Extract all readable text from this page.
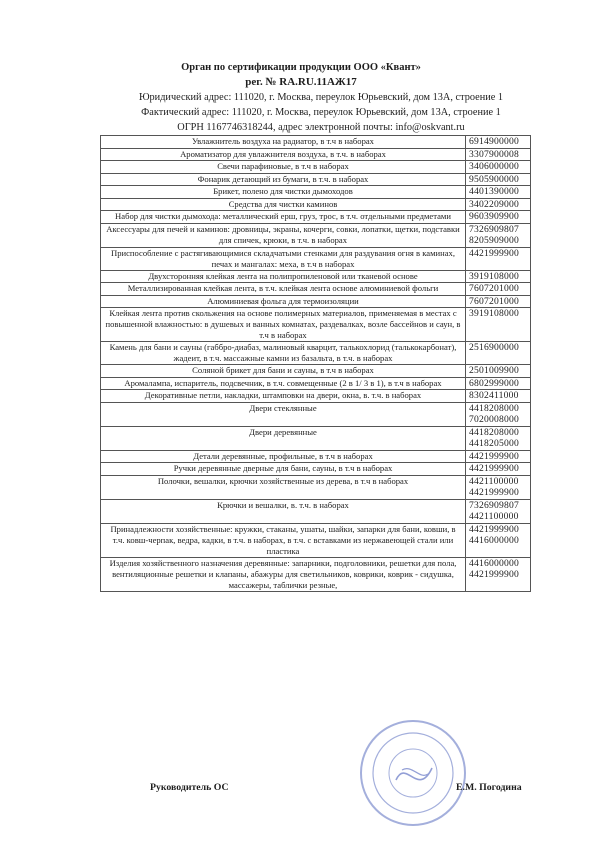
Орган по сертификации продукции ООО «Квант»
рег. № RA.RU.11АЖ17
Юридический адрес: 111020, г. Москва, переулок Юрьевский, дом 13А, строение 1
Фактический адрес: 111020, г. Москва, переулок Юрьевский, дом 13А, строение 1
ОГРН 1167746318244, адрес электронной почты: info@oskvant.ru
Увлажнитель воздуха на радиатор, в т.ч в наборах	6914900000

Ароматизатор для увлажнителя воздуха, в т.ч. в наборах	3307900008

Свечи парафиновые, в т.ч в наборах	3406000000

Фонарик детающий из бумаги, в т.ч. в наборах	9505900000

Брикет, полено для чистки дымоходов	4401390000

Средства для чистки каминов	3402209000

Набор для чистки дымохода: металлический ерш, груз, трос, в т.ч. отдельными предметами	9603909900

Аксессуары для печей и каминов: дровницы, экраны, кочерги, совки, лопатки, щетки, подставки для спичек, крюки, в т.ч. в наборах	7326909807
8205909000

Приспособление с растягивающимися складчатыми стенками для раздувания огня в каминах, печах и мангалах: меха, в т.ч в наборах	4421999900

Двухсторонняя клейкая лента на полипропиленовой или тканевой основе	3919108000

Металлизированная клейкая лента, в т.ч. клейкая лента основе алюминиевой фольги	7607201000

Алюминиевая фольга для термоизоляции	7607201000

Клейкая лента против скольжения на основе полимерных материалов, применяемая в местах с повышенной влажностью: в душевых и ванных комнатах, раздевалках, возле бассейнов и саун, в т.ч в наборах	3919108000

Камень для бани и сауны (габбро-диабаз, малиновый кварцит, талькохлорид (талькокарбонат), жадеит, в т.ч. массажные камни из базальта, в т.ч. в наборах	2516900000

Соляной брикет для бани и сауны, в т.ч в наборах	2501009900

Аромалампа, испаритель, подсвечник, в т.ч. совмещенные (2 в 1/ 3 в 1), в т.ч в наборах	6802999000

Декоративные петли, накладки, штамповки на двери, окна, в. т.ч. в наборах	8302411000

Двери стеклянные	4418208000
7020008000

Двери деревянные	4418208000
4418205000

Детали деревянные, профильные, в т.ч в наборах	4421999900

Ручки деревянные дверные для бани, сауны, в т.ч в наборах	4421999900

Полочки, вешалки, крючки хозяйственные из дерева, в т.ч в наборах	4421100000
4421999900

Крючки и вешалки, в. т.ч. в наборах	7326909807
4421100000

Принадлежности хозяйственные: кружки, стаканы, ушаты, шайки, запарки для бани, ковши, в т.ч. ковш-черпак, ведра, кадки, в т.ч. в наборах, в т.ч. с вставками из нержавеющей стали или пластика	4421999900
4416000000

Изделия хозяйственного назначения деревянные: запарники, подголовники, решетки для пола, вентиляционные решетки и клапаны, абажуры для светильников, коврики, коврик - сидушка, массажеры, таблички резные,	4416000000
4421999900
Руководитель ОС	Е.М. Погодина
